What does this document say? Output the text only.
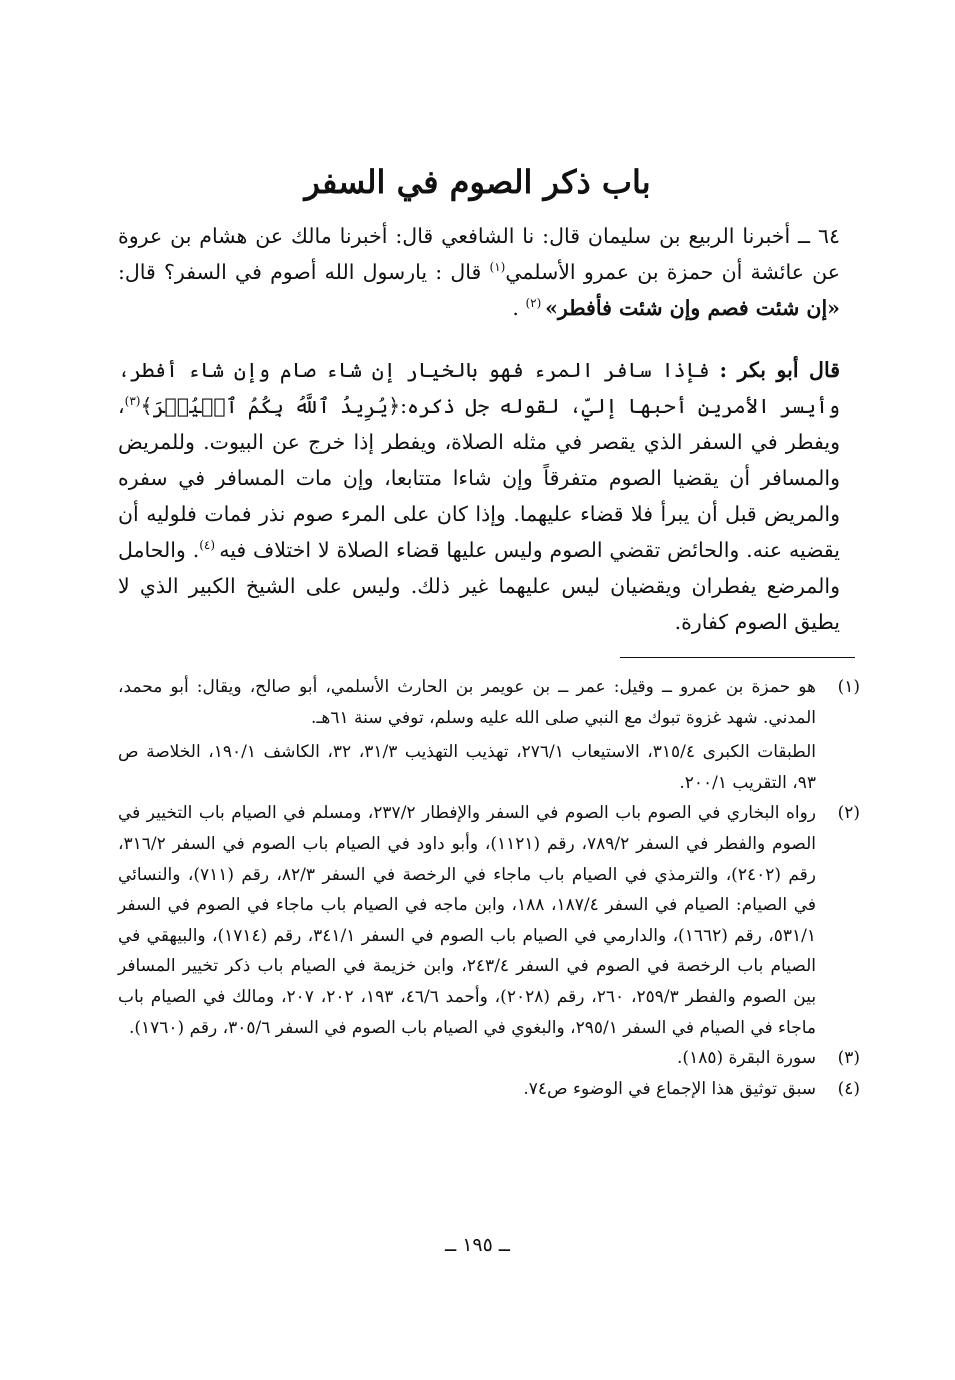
باب ذكر الصوم في السفر

٦٤ ــ أخبرنا الربيع بن سليمان قال: نا الشافعي قال: أخبرنا مالك عن هشام بن عروة عن عائشة أن حمزة بن عمرو الأسلمي$^{(١)}$ قال : يارسول الله أصوم في السفر؟ قال: «إن شئت فصم وإن شئت فأفطر» $^{(٢)}$ .

قال أبو بكر : فإذا سافر المرء فهو بالخيار إن شاء صام وإن شاء أفطر، وأيسر الأمرين أحبها إليّ، لقوله جل ذكره:﴿يُرِيدُ ٱللَّهُ بِكُمُ ٱلۡيُسۡرَ﴾$^{(٣)}$، ويفطر في السفر الذي يقصر في مثله الصلاة، ويفطر إذا خرج عن البيوت. وللمريض والمسافر أن يقضيا الصوم متفرقاً وإن شاءا متتابعا، وإن مات المسافر في سفره والمريض قبل أن يبرأ فلا قضاء عليهما. وإذا كان على المرء صوم نذر فمات فلوليه أن يقضيه عنه. والحائض تقضي الصوم وليس عليها قضاء الصلاة لا اختلاف فيه $^{(٤)}$. والحامل والمرضع يفطران ويقضيان ليس عليهما غير ذلك. وليس على الشيخ الكبير الذي لا يطيق الصوم كفارة.

(١)

هو حمزة بن عمرو ــ وقيل: عمر ــ بن عويمر بن الحارث الأسلمي، أبو صالح، ويقال: أبو محمد، المدني. شهد غزوة تبوك مع النبي صلى الله عليه وسلم، توفي سنة ٦١هـ.

الطبقات الكبرى ٣١٥/٤، الاستيعاب ٢٧٦/١، تهذيب التهذيب ٣١/٣، ٣٢، الكاشف ١٩٠/١، الخلاصة ص ٩٣، التقريب ٢٠٠/١.

(٢)

رواه البخاري في الصوم باب الصوم في السفر والإفطار ٢٣٧/٢، ومسلم في الصيام باب التخيير في الصوم والفطر في السفر ٧٨٩/٢، رقم (١١٢١)، وأبو داود في الصيام باب الصوم في السفر ٣١٦/٢، رقم (٢٤٠٢)، والترمذي في الصيام باب ماجاء في الرخصة في السفر ٨٢/٣، رقم (٧١١)، والنسائي في الصيام: الصيام في السفر ١٨٧/٤، ١٨٨، وابن ماجه في الصيام باب ماجاء في الصوم في السفر ٥٣١/١، رقم (١٦٦٢)، والدارمي في الصيام باب الصوم في السفر ٣٤١/١، رقم (١٧١٤)، والبيهقي في الصيام باب الرخصة في الصوم في السفر ٢٤٣/٤، وابن خزيمة في الصيام باب ذكر تخيير المسافر بين الصوم والفطر ٢٥٩/٣، ٢٦٠، رقم (٢٠٢٨)، وأحمد ٤٦/٦، ١٩٣، ٢٠٢، ٢٠٧، ومالك في الصيام باب ماجاء في الصيام في السفر ٢٩٥/١، والبغوي في الصيام باب الصوم في السفر ٣٠٥/٦، رقم (١٧٦٠).

(٣)

سورة البقرة (١٨٥).

(٤)

سبق توثيق هذا الإجماع في الوضوء ص٧٤.

ــ ١٩٥ ــ
